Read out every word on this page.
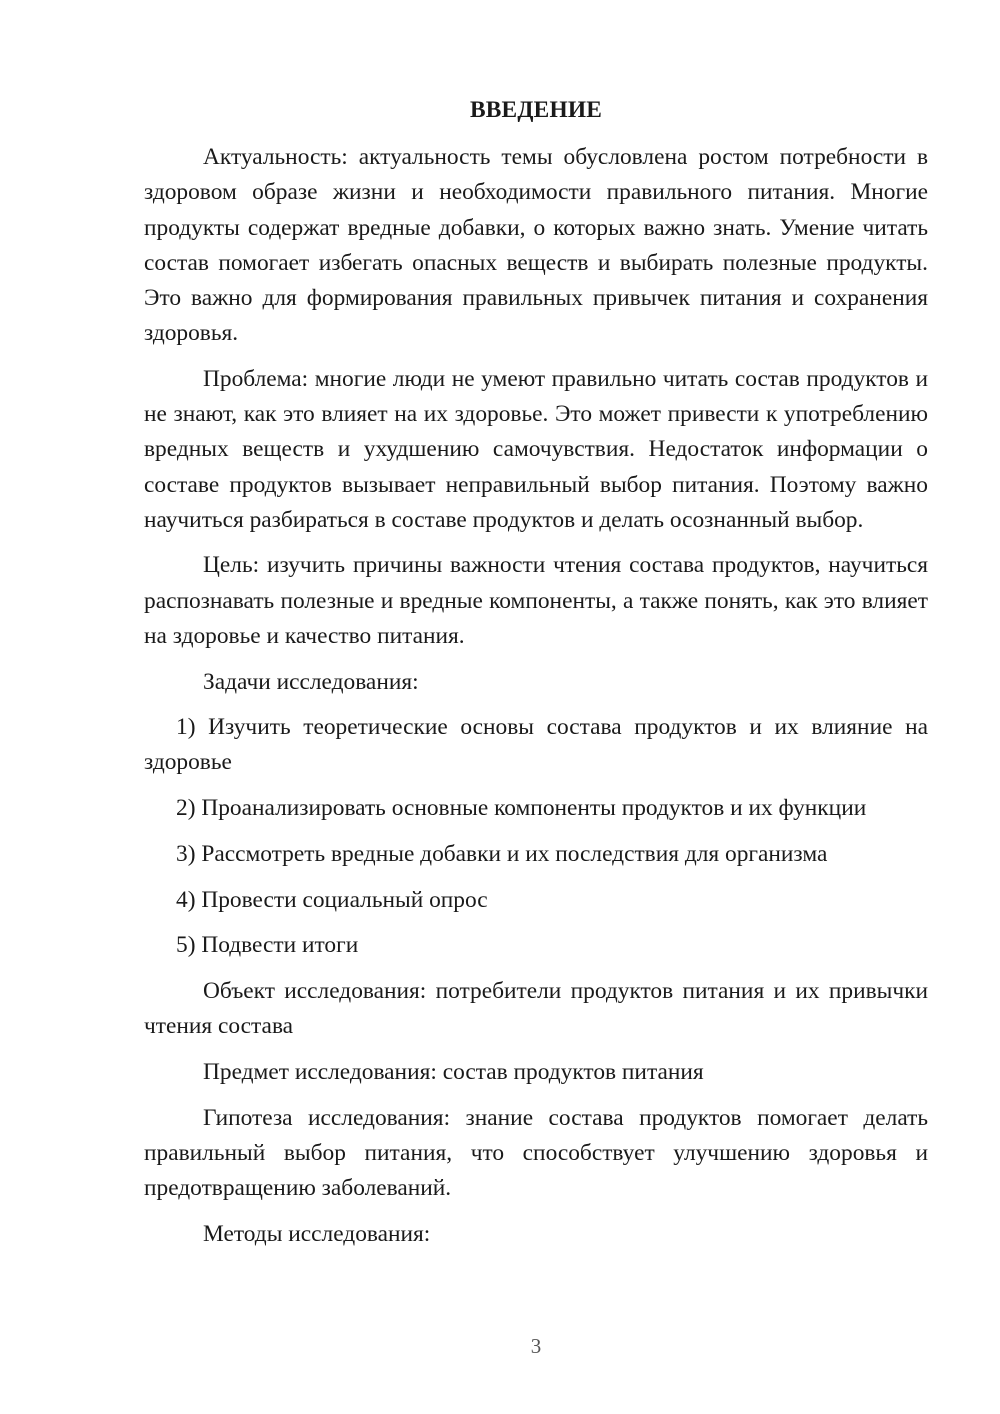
ВВЕДЕНИЕ

Актуальность: актуальность темы обусловлена ростом потребности в здоровом образе жизни и необходимости правильного питания. Многие продукты содержат вредные добавки, о которых важно знать. Умение читать состав помогает избегать опасных веществ и выбирать полезные продукты. Это важно для формирования правильных привычек питания и сохранения здоровья.

Проблема: многие люди не умеют правильно читать состав продуктов и не знают, как это влияет на их здоровье. Это может привести к употреблению вредных веществ и ухудшению самочувствия. Недостаток информации о составе продуктов вызывает неправильный выбор питания. Поэтому важно научиться разбираться в составе продуктов и делать осознанный выбор.

Цель: изучить причины важности чтения состава продуктов, научиться распознавать полезные и вредные компоненты, а также понять, как это влияет на здоровье и качество питания.

Задачи исследования:

1) Изучить теоретические основы состава продуктов и их влияние на здоровье

2) Проанализировать основные компоненты продуктов и их функции

3) Рассмотреть вредные добавки и их последствия для организма

4) Провести социальный опрос

5) Подвести итоги

Объект исследования: потребители продуктов питания и их привычки чтения состава

Предмет исследования: состав продуктов питания

Гипотеза исследования: знание состава продуктов помогает делать правильный выбор питания, что способствует улучшению здоровья и предотвращению заболеваний.

Методы исследования:

3
